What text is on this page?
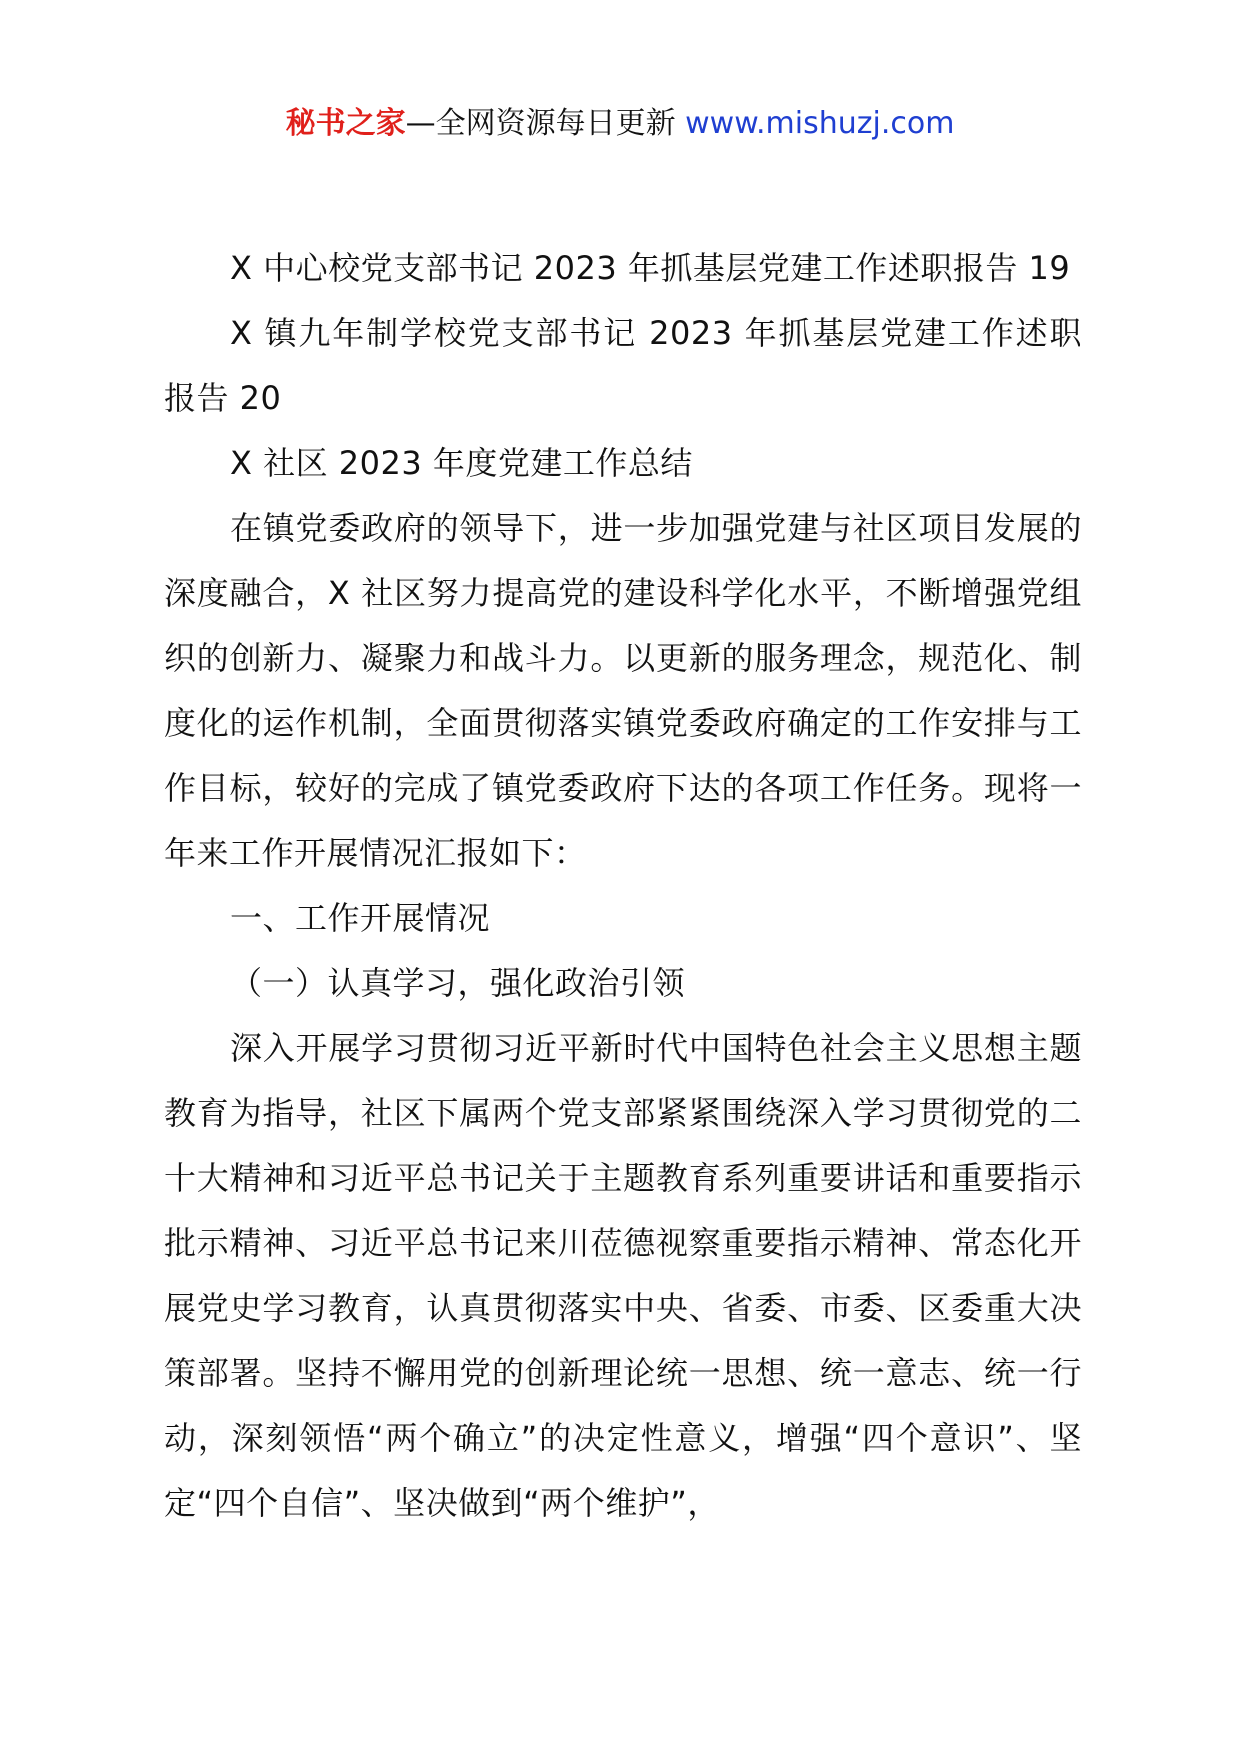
秘书之家—全网资源每日更新 www.mishuzj.com

X 中心校党支部书记 2023 年抓基层党建工作述职报告 19

X 镇九年制学校党支部书记 2023 年抓基层党建工作述职报告 20

X 社区 2023 年度党建工作总结

在镇党委政府的领导下，进一步加强党建与社区项目发展的深度融合，X 社区努力提高党的建设科学化水平，不断增强党组织的创新力、凝聚力和战斗力。以更新的服务理念，规范化、制度化的运作机制，全面贯彻落实镇党委政府确定的工作安排与工作目标，较好的完成了镇党委政府下达的各项工作任务。现将一年来工作开展情况汇报如下：

一、工作开展情况

（一）认真学习，强化政治引领

深入开展学习贯彻习近平新时代中国特色社会主义思想主题教育为指导，社区下属两个党支部紧紧围绕深入学习贯彻党的二十大精神和习近平总书记关于主题教育系列重要讲话和重要指示批示精神、习近平总书记来川莅德视察重要指示精神、常态化开展党史学习教育，认真贯彻落实中央、省委、市委、区委重大决策部署。坚持不懈用党的创新理论统一思想、统一意志、统一行动，深刻领悟“两个确立”的决定性意义，增强“四个意识”、坚定“四个自信”、坚决做到“两个维护”，
